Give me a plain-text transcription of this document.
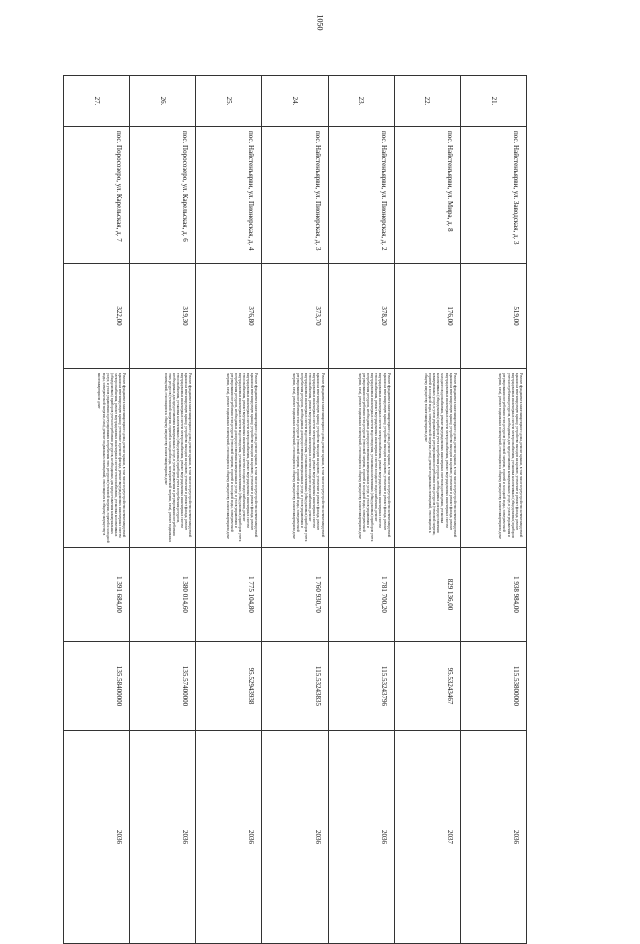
1050
21.	пос. Найстенъярви, ул. Заводская, д. 3	519,00	Ремонт фундамента многоквартирного дома, ремонт крыши, в том числе переустройство невентилируемой крыши на вентилируемую крышу, устройство выходов на кровлю, утепление и ремонт фасада, ремонт внутридомовых инженерных систем электроснабжения, установка коллективных (общедомовых) приборов учета потребления ресурсов, необходимых для предоставления коммунальных услуг, и узлов управления и регулирования потребления этих ресурсов (тепловой энергии, горячей и холодной воды, электрической энергии, газа), ремонт подвальных помещений, относящихся к общему имуществу в многоквартирном доме	1 938 984,00	115.53800000	2036
22.	пос. Найстенъярви, ул. Мира, д. 8	176,00	Ремонт фундамента многоквартирного дома, ремонт крыши, в том числе переустройство невентилируемой крыши на вентилируемую крышу, устройство выходов на кровлю, утепление и ремонт фасада, ремонт внутридомовых инженерных систем электроснабжения, ремонт внутридомовых инженерных систем холодного водоснабжения, ремонт внутридомовых инженерных систем водоотведения, установка коллективных (общедомовых) приборов учета потребления ресурсов, необходимых для предоставления коммунальных услуг, и узлов управления и регулирования потребления этих ресурсов (тепловой энергии, горячей и холодной воды, электрической энергии, газа), ремонт подвальных помещений, относящихся к общему имуществу в многоквартирном доме	829 136,00	95.53243467	2037
23.	пос. Найстенъярви, ул. Пионерская, д. 2	378,20	Ремонт фундамента многоквартирного дома, ремонт крыши, в том числе переустройство невентилируемой крыши на вентилируемую крышу, устройство выходов на кровлю, утепление и ремонт фасада, ремонт внутридомовых инженерных систем электроснабжения, ремонт внутридомовых инженерных систем теплоснабжения, ремонт внутридомовых инженерных систем холодного водоснабжения, ремонт внутридомовых инженерных систем водоотведения, установка коллективных (общедомовых) приборов учета потребления ресурсов, необходимых для предоставления коммунальных услуг, и узлов управления и регулирования потребления этих ресурсов (тепловой энергии, горячей и холодной воды, электрической энергии, газа), ремонт подвальных помещений, относящихся к общему имуществу в многоквартирном доме	1 781 700,20	115.53243796	2036
24.	пос. Найстенъярви, ул. Пионерская, д. 3	373,70	Ремонт фундамента многоквартирного дома, ремонт крыши, в том числе переустройство невентилируемой крыши на вентилируемую крышу, устройство выходов на кровлю, утепление и ремонт фасада, ремонт внутридомовых инженерных систем электроснабжения, ремонт внутридомовых инженерных систем теплоснабжения, ремонт внутридомовых инженерных систем холодного водоснабжения, ремонт внутридомовых инженерных систем водоотведения, установка коллективных (общедомовых) приборов учета потребления ресурсов, необходимых для предоставления коммунальных услуг, и узлов управления и регулирования потребления этих ресурсов (тепловой энергии, горячей и холодной воды, электрической энергии, газа), ремонт подвальных помещений, относящихся к общему имуществу в многоквартирном доме	1 760 930,70	115.53243835	2036
25.	пос. Найстенъярви, ул. Пионерская, д. 4	376,80	Ремонт фундамента многоквартирного дома, ремонт крыши, в том числе переустройство невентилируемой крыши на вентилируемую крышу, устройство выходов на кровлю, утепление и ремонт фасада, ремонт внутридомовых инженерных систем электроснабжения, ремонт внутридомовых инженерных систем теплоснабжения, ремонт внутридомовых инженерных систем холодного водоснабжения, ремонт внутридомовых инженерных систем водоотведения, установка коллективных (общедомовых) приборов учета потребления ресурсов, необходимых для предоставления коммунальных услуг, и узлов управления и регулирования потребления этих ресурсов (тепловой энергии, горячей и холодной воды, электрической энергии, газа), ремонт подвальных помещений, относящихся к общему имуществу в многоквартирном доме	1 775 104,80	95.52943938	2036
26.	пос. Поросозеро, ул. Карельская, д. 6	319,30	Ремонт фундамента многоквартирного дома, ремонт крыши, в том числе переустройство невентилируемой крыши на вентилируемую крышу, устройство выходов на кровлю, утепление и ремонт фасада, ремонт внутридомовых инженерных систем электроснабжения, ремонт внутридомовых инженерных систем теплоснабжения, установка коллективных (общедомовых) приборов учета потребления ресурсов, необходимых для предоставления коммунальных услуг, и узлов управления и регулирования потребления этих ресурсов (тепловой энергии, горячей и холодной воды, электрической энергии, газа), ремонт подвальных помещений, относящихся к общему имуществу в многоквартирном доме	1 380 014,60	135.57400000	2036
27.	пос. Поросозеро, ул. Карельская, д. 7	322,00	Ремонт фундамента многоквартирного дома, ремонт крыши, в том числе переустройство невентилируемой крыши на вентилируемую крышу, утепление и ремонт фасада, ремонт внутридомовых инженерных систем электроснабжения, ремонт внутридомовых инженерных систем теплоснабжения, установка коллективных (общедомовых) приборов учета потребления ресурсов, необходимых для предоставления коммунальных услуг, и узлов управления и регулирования потребления этих ресурсов (тепловой энергии, горячей и холодной воды, электрической энергии, газа), ремонт подвальных помещений, относящихся к общему имуществу в многоквартирном доме	1 391 684,00	135.58400000	2036
